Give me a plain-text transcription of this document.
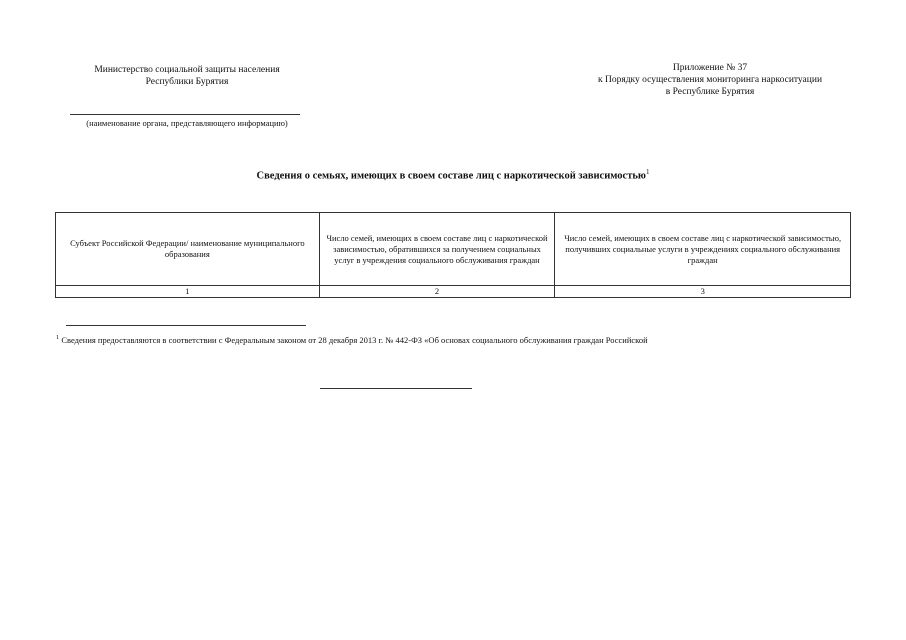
Министерство социальной защиты населения
Республики Бурятия
(наименование органа, представляющего информацию)
Приложение № 37
к Порядку осуществления мониторинга наркоситуации
в Республике Бурятия
Сведения о семьях, имеющих в своем составе лиц с наркотической зависимостью$^1$
Субъект Российской Федерации/ наименование муниципального образования	Число семей, имеющих в своем составе лиц с наркотической зависимостью, обратившихся за получением социальных услуг в учреждения социального обслуживания граждан	Число семей, имеющих в своем составе лиц с наркотической зависимостью, получивших социальные услуги в учреждениях социального обслуживания граждан
1	2	3
$^1$ Сведения предоставляются в соответствии с Федеральным законом от 28 декабря 2013 г. № 442-ФЗ «Об основах социального обслуживания граждан Российской
